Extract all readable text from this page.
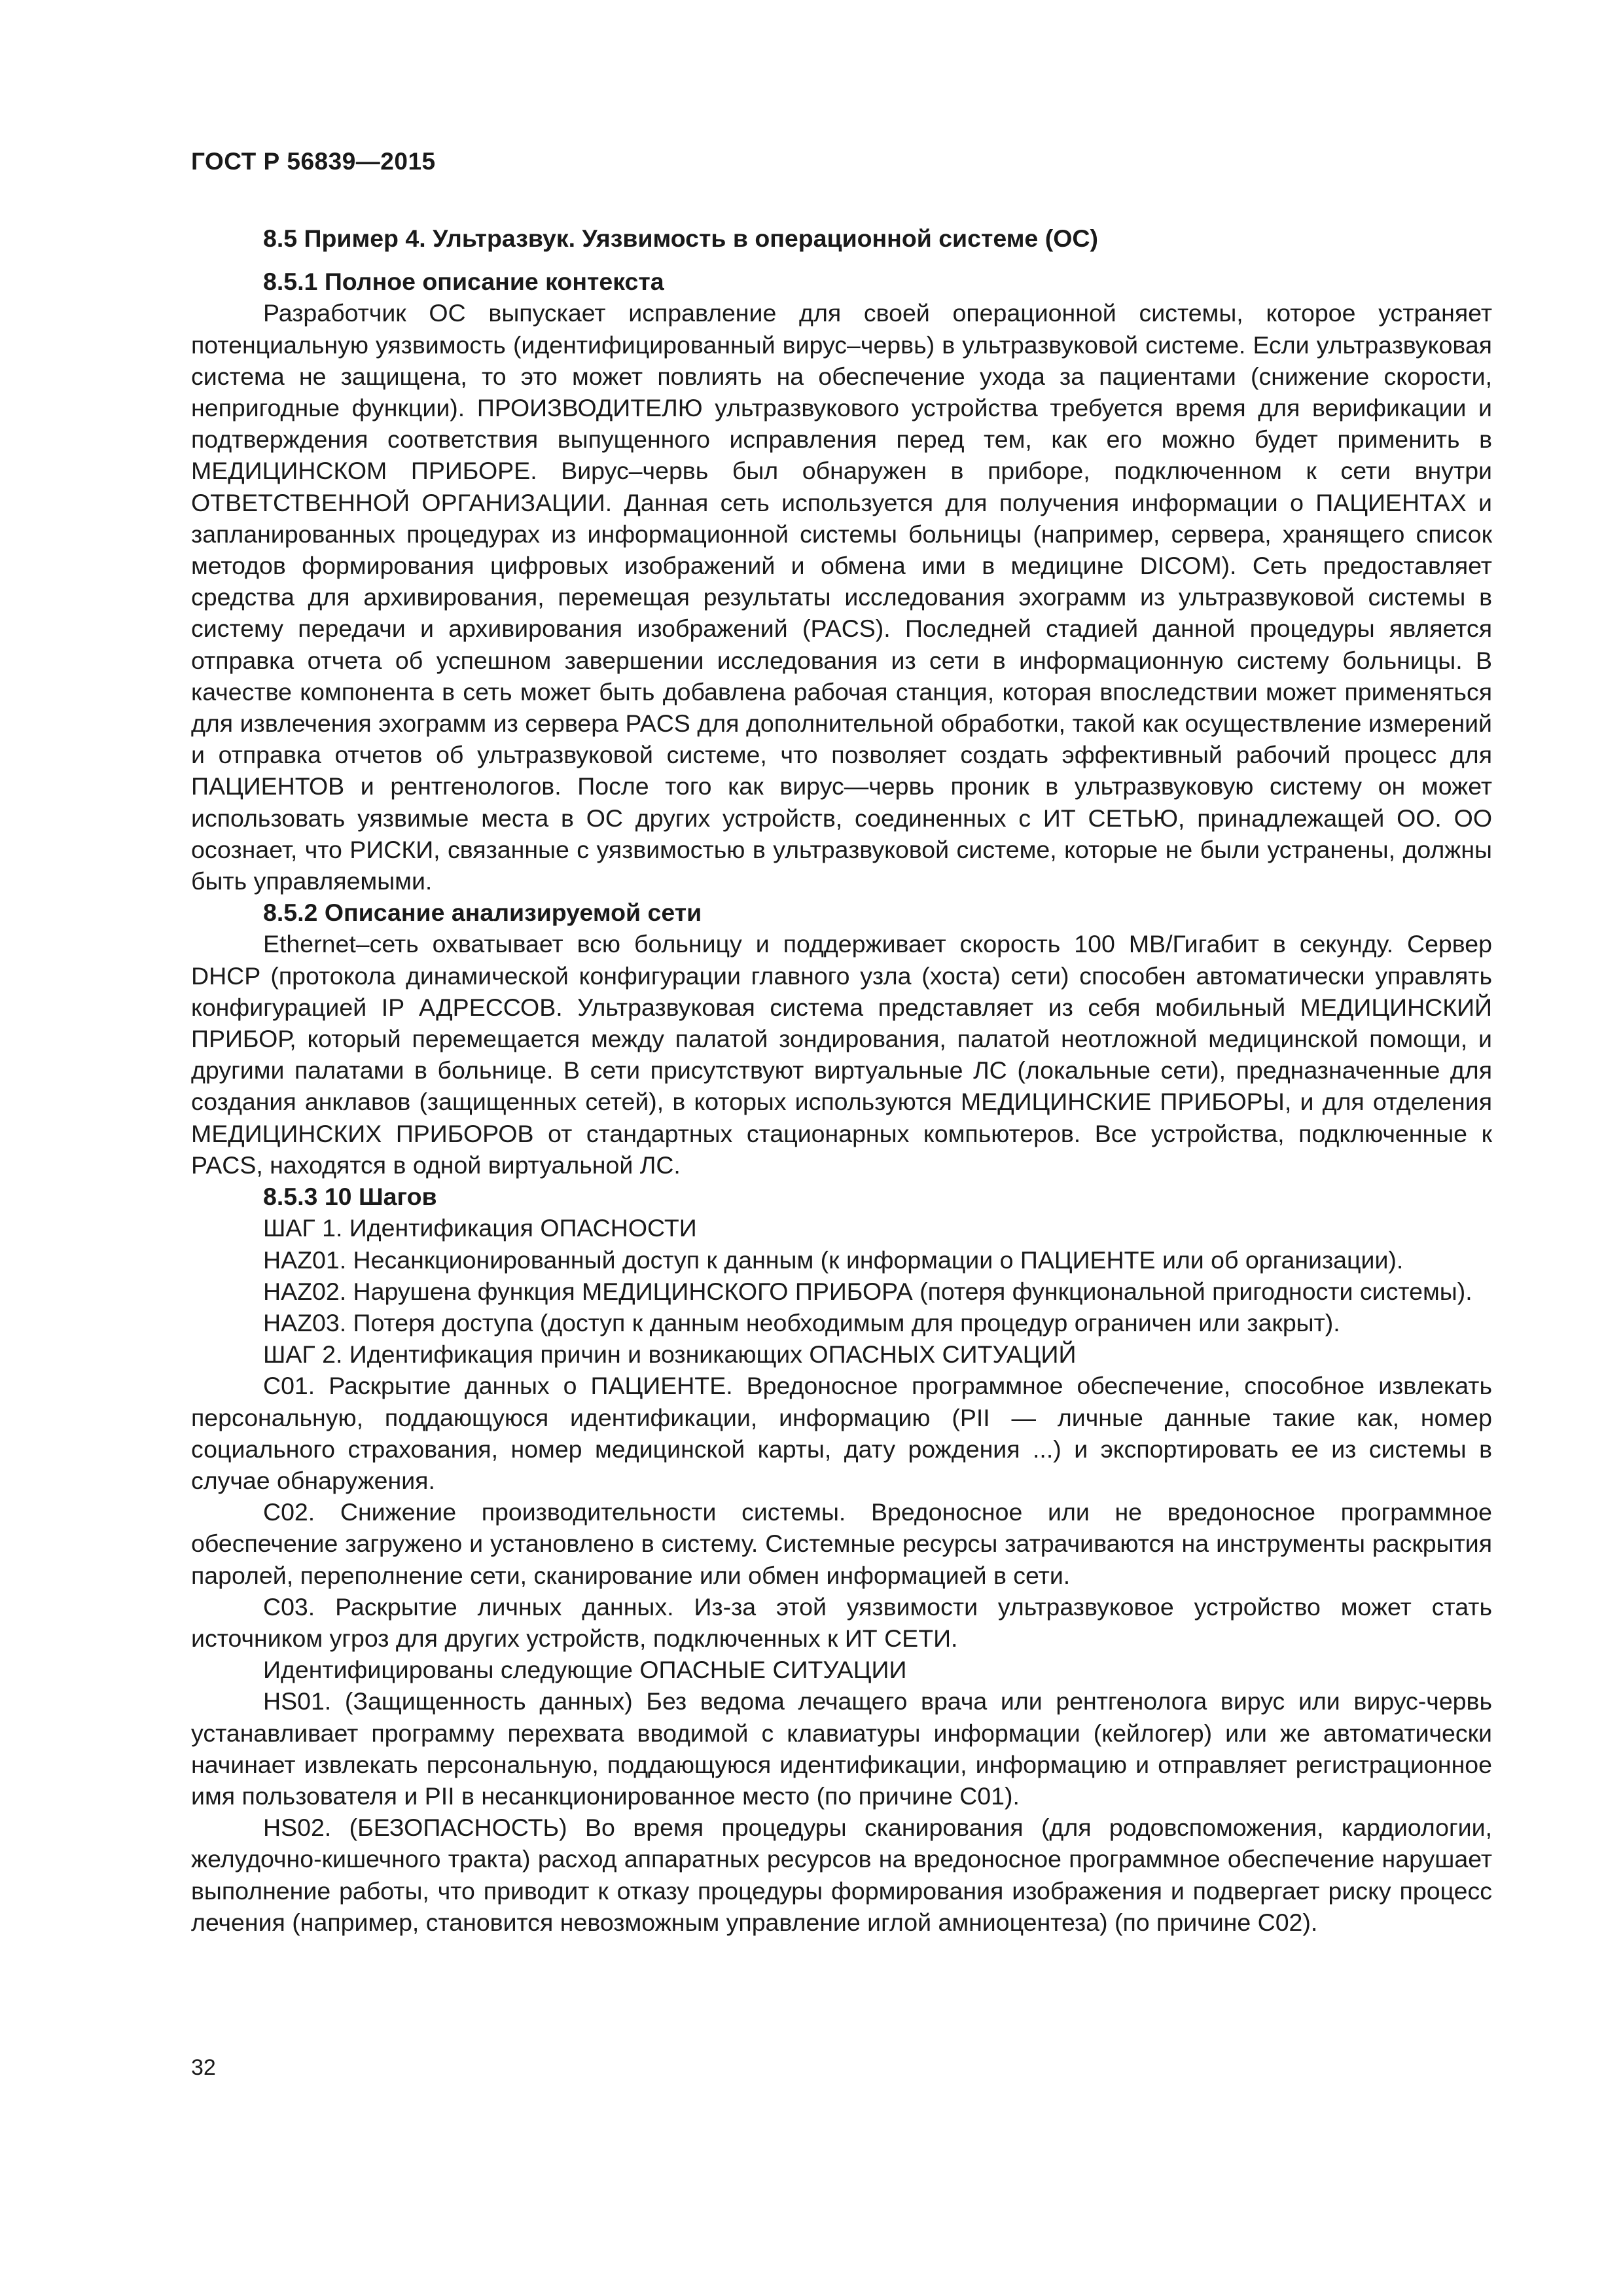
ГОСТ Р 56839—2015
8.5 Пример 4. Ультразвук. Уязвимость в операционной системе (ОС)
8.5.1 Полное описание контекста

Разработчик ОС выпускает исправление для своей операционной системы, которое устраняет потенциальную уязвимость (идентифицированный вирус–червь) в ультразвуковой системе. Если ультразвуковая система не защищена, то это может повлиять на обеспечение ухода за пациентами (снижение скорости, непригодные функции). ПРОИЗВОДИТЕЛЮ ультразвукового устройства требуется время для верификации и подтверждения соответствия выпущенного исправления перед тем, как его можно будет применить в МЕДИЦИНСКОМ ПРИБОРЕ. Вирус–червь был обнаружен в приборе, подключенном к сети внутри ОТВЕТСТВЕННОЙ ОРГАНИЗАЦИИ. Данная сеть используется для получения информации о ПАЦИЕНТАХ и запланированных процедурах из информационной системы больницы (например, сервера, хранящего список методов формирования цифровых изображений и обмена ими в медицине DICOM). Сеть предоставляет средства для архивирования, перемещая результаты исследования эхограмм из ультразвуковой системы в систему передачи и архивирования изображений (PACS). Последней стадией данной процедуры является отправка отчета об успешном завершении исследования из сети в информационную систему больницы. В качестве компонента в сеть может быть добавлена рабочая станция, которая впоследствии может применяться для извлечения эхограмм из сервера PACS для дополнительной обработки, такой как осуществление измерений и отправка отчетов об ультразвуковой системе, что позволяет создать эффективный рабочий процесс для ПАЦИЕНТОВ и рентгенологов. После того как вирус—червь проник в ультразвуковую систему он может использовать уязвимые места в ОС других устройств, соединенных с ИТ СЕТЬЮ, принадлежащей ОО. ОО осознает, что РИСКИ, связанные с уязвимостью в ультразвуковой системе, которые не были устранены, должны быть управляемыми.

8.5.2 Описание анализируемой сети

Ethernet–сеть охватывает всю больницу и поддерживает скорость 100 МВ/Гигабит в секунду. Сервер DHCP (протокола динамической конфигурации главного узла (хоста) сети) способен автоматически управлять конфигурацией IP АДРЕССОВ. Ультразвуковая система представляет из себя мобильный МЕДИЦИНСКИЙ ПРИБОР, который перемещается между палатой зондирования, палатой неотложной медицинской помощи, и другими палатами в больнице. В сети присутствуют виртуальные ЛС (локальные сети), предназначенные для создания анклавов (защищенных сетей), в которых используются МЕДИЦИНСКИЕ ПРИБОРЫ, и для отделения МЕДИЦИНСКИХ ПРИБОРОВ от стандартных стационарных компьютеров. Все устройства, подключенные к PACS, находятся в одной виртуальной ЛС.

8.5.3 10 Шагов

ШАГ 1. Идентификация ОПАСНОСТИ

HAZ01. Несанкционированный доступ к данным (к информации о ПАЦИЕНТЕ или об организации).

HAZ02. Нарушена функция МЕДИЦИНСКОГО ПРИБОРА (потеря функциональной пригодности системы).

HAZ03. Потеря доступа (доступ к данным необходимым для процедур ограничен или закрыт).

ШАГ 2. Идентификация причин и возникающих ОПАСНЫХ СИТУАЦИЙ

С01. Раскрытие данных о ПАЦИЕНТЕ. Вредоносное программное обеспечение, способное извлекать персональную, поддающуюся идентификации, информацию (PII — личные данные такие как, номер социального страхования, номер медицинской карты, дату рождения ...) и экспортировать ее из системы в случае обнаружения.

С02. Снижение производительности системы. Вредоносное или не вредоносное программное обеспечение загружено и установлено в систему. Системные ресурсы затрачиваются на инструменты раскрытия паролей, переполнение сети, сканирование или обмен информацией в сети.

С03. Раскрытие личных данных. Из-за этой уязвимости ультразвуковое устройство может стать источником угроз для других устройств, подключенных к ИТ СЕТИ.

Идентифицированы следующие ОПАСНЫЕ СИТУАЦИИ

HS01. (Защищенность данных) Без ведома лечащего врача или рентгенолога вирус или вирус-червь устанавливает программу перехвата вводимой с клавиатуры информации (кейлогер) или же автоматически начинает извлекать персональную, поддающуюся идентификации, информацию и отправляет регистрационное имя пользователя и PII в несанкционированное место (по причине С01).

HS02. (БЕЗОПАСНОСТЬ) Во время процедуры сканирования (для родовспоможения, кардиологии, желудочно-кишечного тракта) расход аппаратных ресурсов на вредоносное программное обеспечение нарушает выполнение работы, что приводит к отказу процедуры формирования изображения и подвергает риску процесс лечения (например, становится невозможным управление иглой амниоцентеза) (по причине С02).

32
